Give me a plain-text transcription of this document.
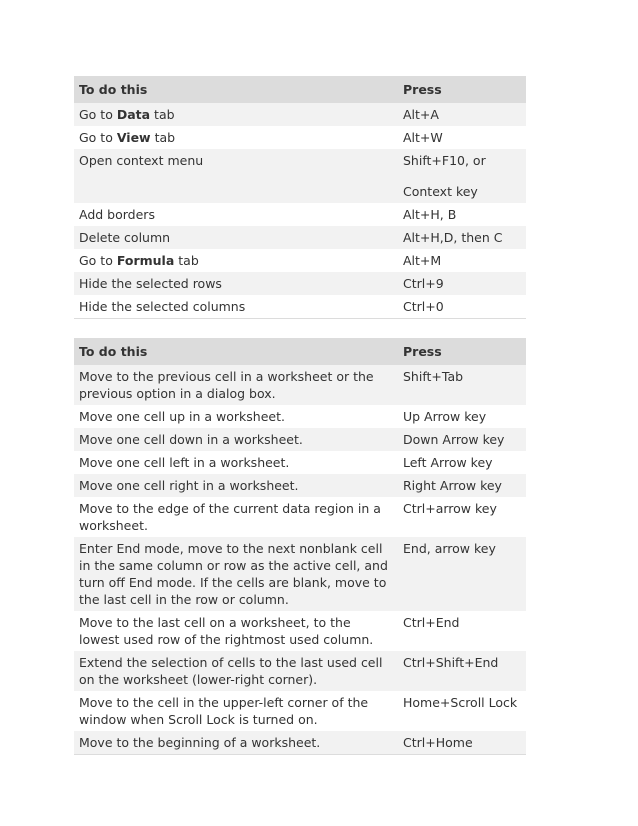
To do this	Press
Go to Data tab	Alt+A
Go to View tab	Alt+W
Open context menu	Shift+F10, or
Context key
Add borders	Alt+H, B
Delete column	Alt+H,D, then C
Go to Formula tab	Alt+M
Hide the selected rows	Ctrl+9
Hide the selected columns	Ctrl+0
To do this	Press
Move to the previous cell in a worksheet or the previous option in a dialog box.	Shift+Tab
Move one cell up in a worksheet.	Up Arrow key
Move one cell down in a worksheet.	Down Arrow key
Move one cell left in a worksheet.	Left Arrow key
Move one cell right in a worksheet.	Right Arrow key
Move to the edge of the current data region in a worksheet.	Ctrl+arrow key
Enter End mode, move to the next nonblank cell in the same column or row as the active cell, and turn off End mode. If the cells are blank, move to the last cell in the row or column.	End, arrow key
Move to the last cell on a worksheet, to the lowest used row of the rightmost used column.	Ctrl+End
Extend the selection of cells to the last used cell on the worksheet (lower-right corner).	Ctrl+Shift+End
Move to the cell in the upper-left corner of the window when Scroll Lock is turned on.	Home+Scroll Lock
Move to the beginning of a worksheet.	Ctrl+Home
